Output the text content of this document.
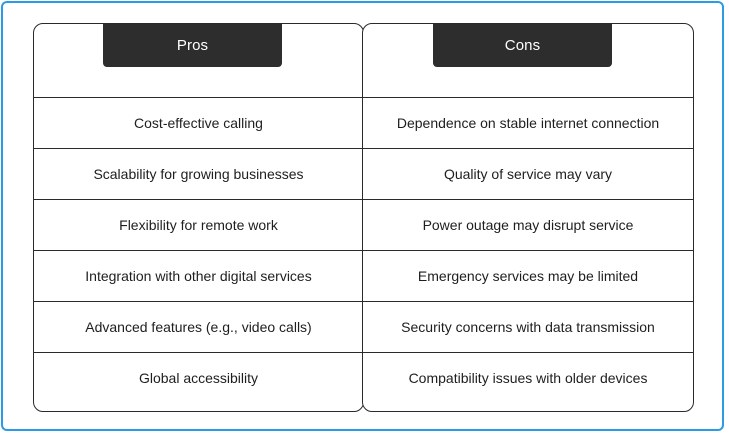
Pros
Cost-effective calling
Scalability for growing businesses
Flexibility for remote work
Integration with other digital services
Advanced features (e.g., video calls)
Global accessibility
Cons
Dependence on stable internet connection
Quality of service may vary
Power outage may disrupt service
Emergency services may be limited
Security concerns with data transmission
Compatibility issues with older devices
